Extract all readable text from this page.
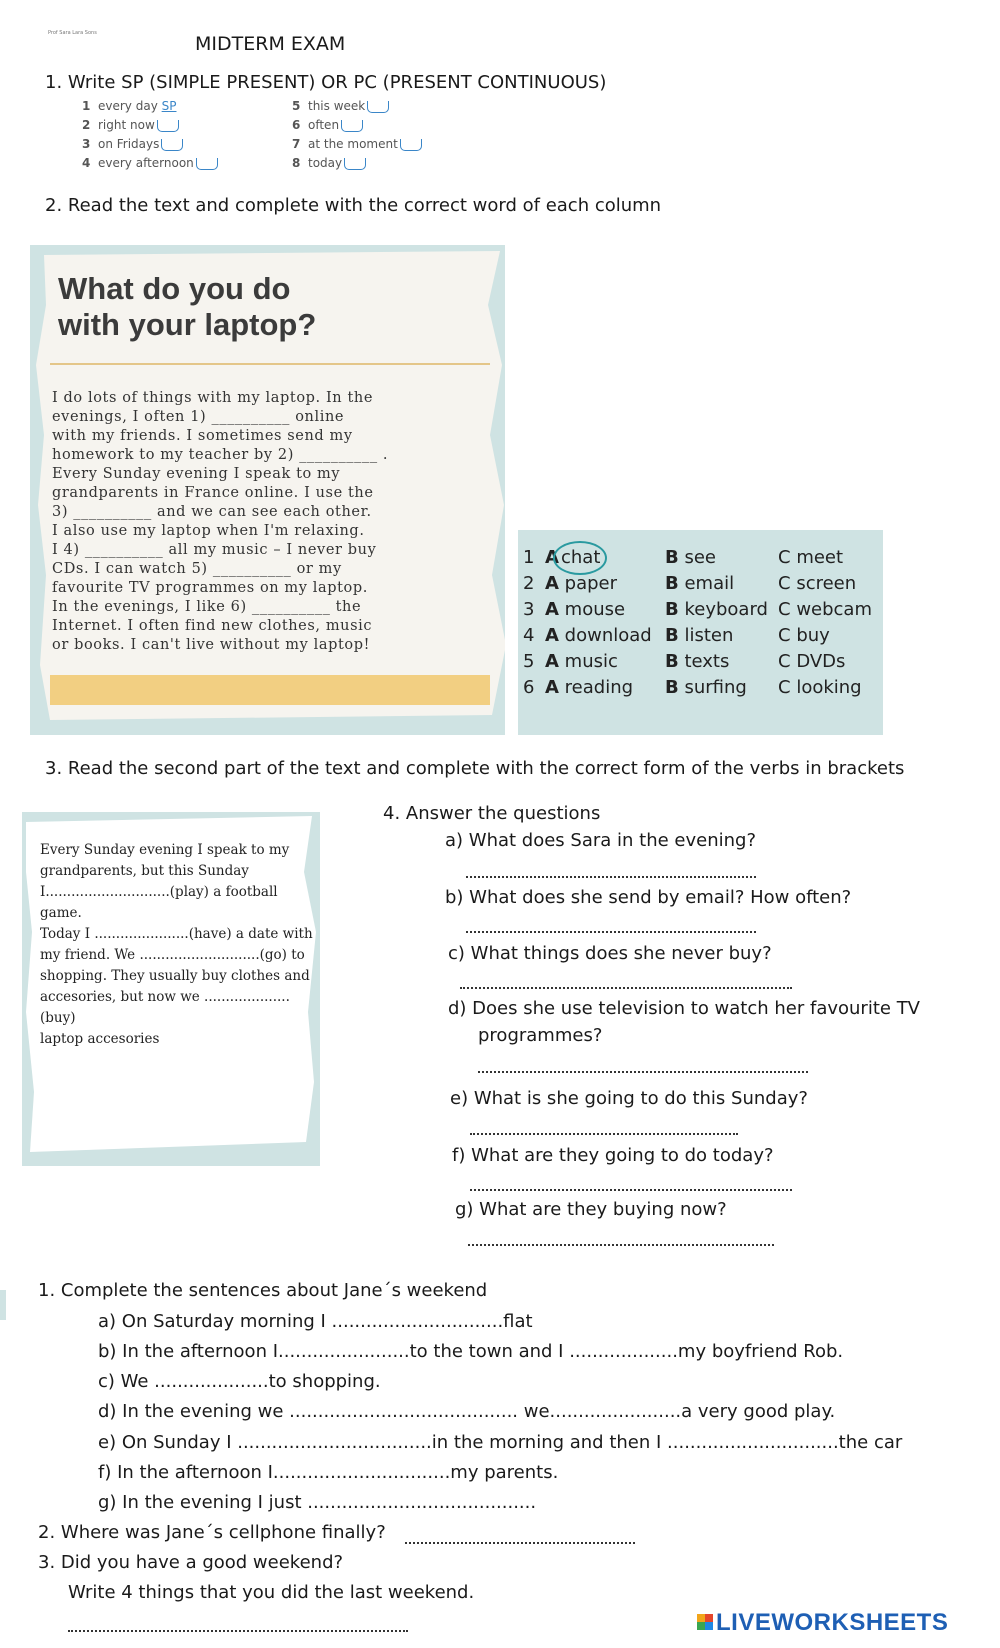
Prof Sara Lara Sons	MIDTERM EXAM
1. Write SP (SIMPLE PRESENT) OR PC (PRESENT CONTINUOUS)
1 every day SP
2 right now
3 on Fridays
4 every afternoon
5 this week
6 often
7 at the moment
8 today
2. Read the text and complete with the correct word of each column
What do you do
with your laptop?
I do lots of things with my laptop. In the
evenings, I often 1) __________ online
with my friends. I sometimes send my
homework to my teacher by 2) __________ .
Every Sunday evening I speak to my
grandparents in France online. I use the
3) __________ and we can see each other.
I also use my laptop when I'm relaxing.
I 4) __________ all my music – I never buy
CDs. I can watch 5) __________ or my
favourite TV programmes on my laptop.
In the evenings, I like 6) __________ the
Internet. I often find new clothes, music
or books. I can't live without my laptop!
1 A chat	B see	C meet
2 A paper	B email C screen
3 A mouse B keyboard C webcam
4 A download B listen C buy
5 A music	B texts	C DVDs
6 A reading B surfing C looking
3. Read the second part of the text and complete with the correct form of the verbs in brackets
Every Sunday evening I speak to my
grandparents, but this Sunday
I.............................(play) a football game.
Today I ......................(have) a date with
my friend. We ............................(go) to
shopping. They usually buy clothes and
accesories, but now we ....................(buy)
laptop accesories
4. Answer the questions
a) What does Sara in the evening?
b) What does she send by email? How often?
c) What things does she never buy?
d) Does she use television to watch her favourite TV
programmes?
e) What is she going to do this Sunday?
f) What are they going to do today?
g) What are they buying now?
1. Complete the sentences about Jane´s weekend
a) On Saturday morning I ..............................flat
b) In the afternoon I.......................to the town and I ...................my boyfriend Rob.
c) We ....................to shopping.
d) In the evening we ........................................ we.......................a very good play.
e) On Sunday I ..................................in the morning and then I ..............................the car
f) In the afternoon I...............................my parents.
g) In the evening I just ........................................
2. Where was Jane´s cellphone finally?
3. Did you have a good weekend?
Write 4 things that you did the last weekend.
LIVEWORKSHEETS
